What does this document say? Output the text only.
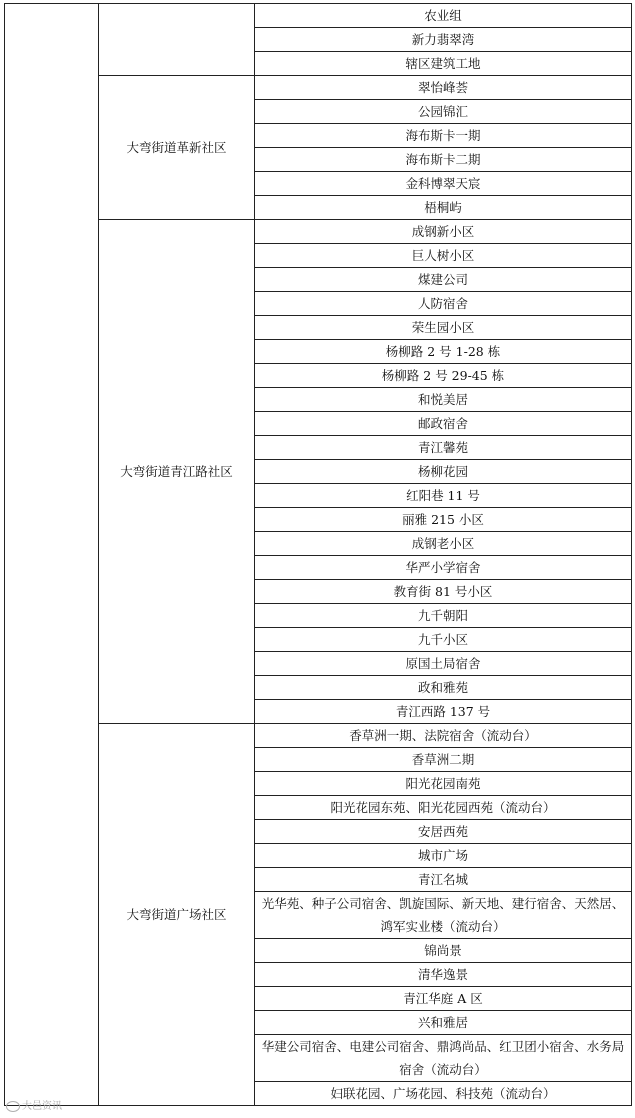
		农业组
		新力翡翠湾
		辖区建筑工地
	大弯街道革新社区	翠怡峰荟
		公园锦汇
		海布斯卡一期
		海布斯卡二期
		金科博翠天宸
		梧桐屿
	大弯街道青江路社区	成钢新小区
		巨人树小区
		煤建公司
		人防宿舍
		荣生园小区
		杨柳路 2 号 1-28 栋
		杨柳路 2 号 29-45 栋
		和悦美居
		邮政宿舍
		青江馨苑
		杨柳花园
		红阳巷 11 号
		丽雅 215 小区
		成钢老小区
		华严小学宿舍
		教育街 81 号小区
		九千朝阳
		九千小区
		原国土局宿舍
		政和雅苑
		青江西路 137 号
	大弯街道广场社区	香草洲一期、法院宿舍（流动台）
		香草洲二期
		阳光花园南苑
		阳光花园东苑、阳光花园西苑（流动台）
		安居西苑
		城市广场
		青江名城
		光华苑、种子公司宿舍、凯旋国际、新天地、建行宿舍、天然居、鸿军实业楼（流动台）
		锦尚景
		清华逸景
		青江华庭 A 区
		兴和雅居
		华建公司宿舍、电建公司宿舍、鼎鸿尚品、红卫团小宿舍、水务局宿舍（流动台）
		妇联花园、广场花园、科技苑（流动台）
大邑资讯
